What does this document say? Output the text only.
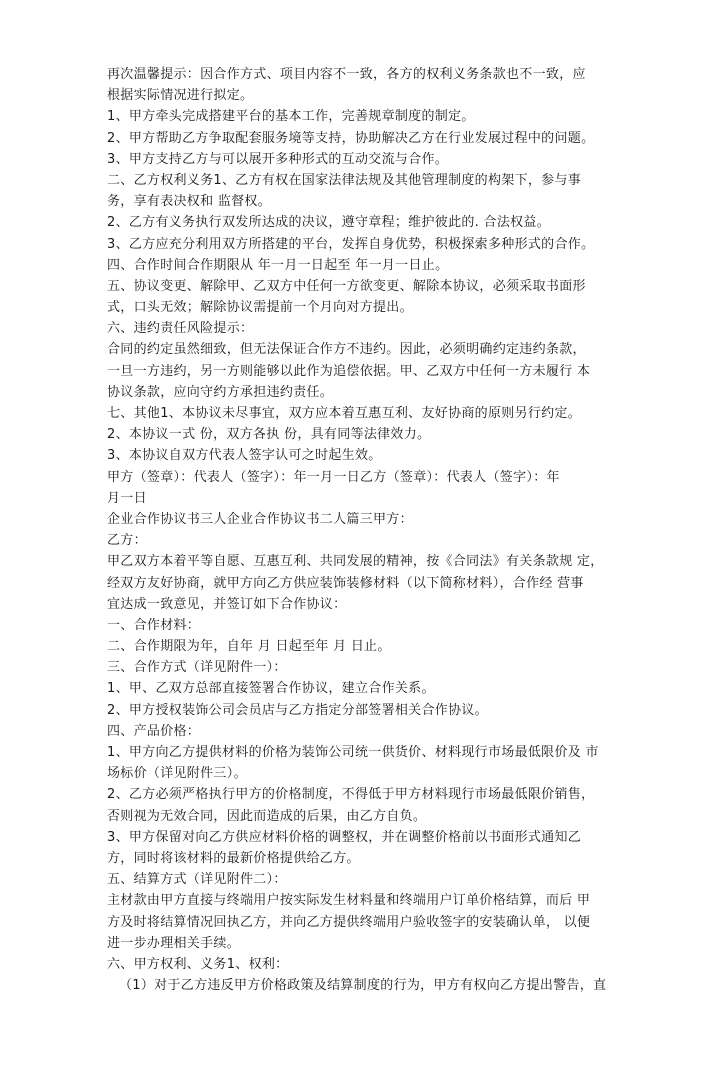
再次温馨提示：因合作方式、项目内容不一致，各方的权利义务条款也不一致，应
根据实际情况进行拟定。
1、甲方牵头完成搭建平台的基本工作，完善规章制度的制定。
2、甲方帮助乙方争取配套服务境等支持，协助解决乙方在行业发展过程中的问题。
3、甲方支持乙方与可以展开多种形式的互动交流与合作。
二、乙方权利义务1、乙方有权在国家法律法规及其他管理制度的构架下，参与事
务，享有表决权和 监督权。
2、乙方有义务执行双发所达成的决议，遵守章程；维护彼此的. 合法权益。
3、乙方应充分利用双方所搭建的平台，发挥自身优势，积极探索多种形式的合作。
四、合作时间合作期限从 年一月一日起至 年一月一日止。
五、协议变更、解除甲、乙双方中任何一方欲变更、解除本协议，必须采取书面形
式，口头无效；解除协议需提前一个月向对方提出。
六、违约责任风险提示：
合同的约定虽然细致，但无法保证合作方不违约。因此，必须明确约定违约条款，
一旦一方违约，另一方则能够以此作为追偿依据。甲、乙双方中任何一方未履行 本
协议条款，应向守约方承担违约责任。
七、其他1、本协议未尽事宜，双方应本着互惠互利、友好协商的原则另行约定。
2、本协议一式 份，双方各执 份，具有同等法律效力。
3、本协议自双方代表人签字认可之时起生效。
甲方（签章）：代表人（签字）：年一月一日乙方（签章）：代表人（签字）：年
月一日
企业合作协议书三人企业合作协议书二人篇三甲方：
乙方：
甲乙双方本着平等自愿、互惠互利、共同发展的精神，按《合同法》有关条款规 定，
经双方友好协商，就甲方向乙方供应装饰装修材料（以下简称材料），合作经 营事
宜达成一致意见，并签订如下合作协议：
一、合作材料：
二、合作期限为年，自年 月 日起至年 月 日止。
三、合作方式（详见附件一）：
1、甲、乙双方总部直接签署合作协议，建立合作关系。
2、甲方授权装饰公司会员店与乙方指定分部签署相关合作协议。
四、产品价格：
1、甲方向乙方提供材料的价格为装饰公司统一供货价、材料现行市场最低限价及 市
场标价（详见附件三）。
2、乙方必须严格执行甲方的价格制度，不得低于甲方材料现行市场最低限价销售，
否则视为无效合同，因此而造成的后果，由乙方自负。
3、甲方保留对向乙方供应材料价格的调整权，并在调整价格前以书面形式通知乙
方，同时将该材料的最新价格提供给乙方。
五、结算方式（详见附件二）：
主材款由甲方直接与终端用户按实际发生材料量和终端用户订单价格结算，而后 甲
方及时将结算情况回执乙方，并向乙方提供终端用户验收签字的安装确认单， 以便
进一步办理相关手续。
六、甲方权利、义务1、权利：
（1）对于乙方违反甲方价格政策及结算制度的行为，甲方有权向乙方提出警告，直
